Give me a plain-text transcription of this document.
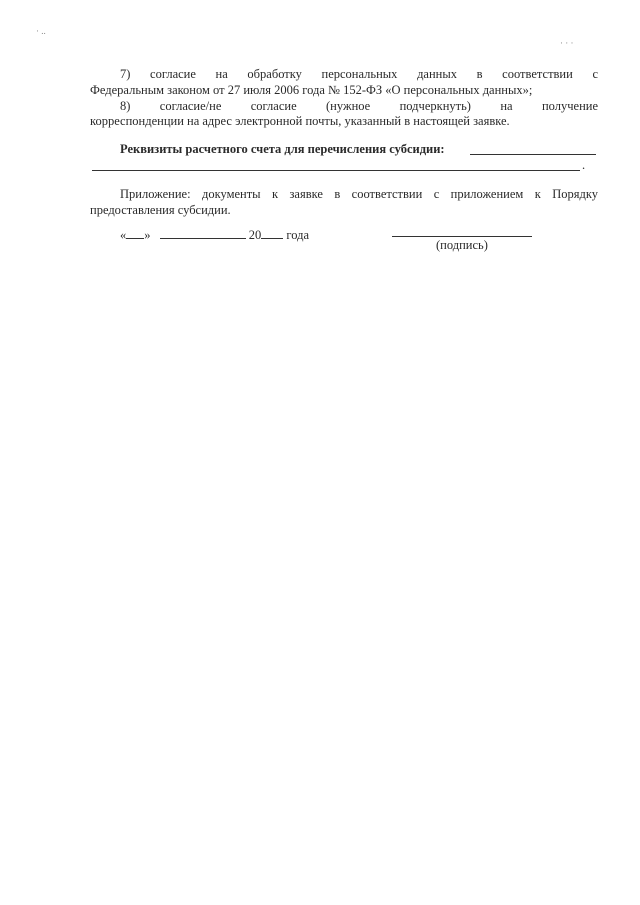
· ..
· · ·
7) согласие на обработку персональных данных в соответствии с
Федеральным законом от 27 июля 2006 года № 152-ФЗ «О персональных данных»;
8) согласие/не согласие (нужное подчеркнуть) на получение
корреспонденции на адрес электронной почты, указанный в настоящей заявке.
Реквизиты расчетного счета для перечисления субсидии:
.
Приложение: документы к заявке в соответствии с приложением к Порядку
предоставления субсидии.
« »	20 года
(подпись)
